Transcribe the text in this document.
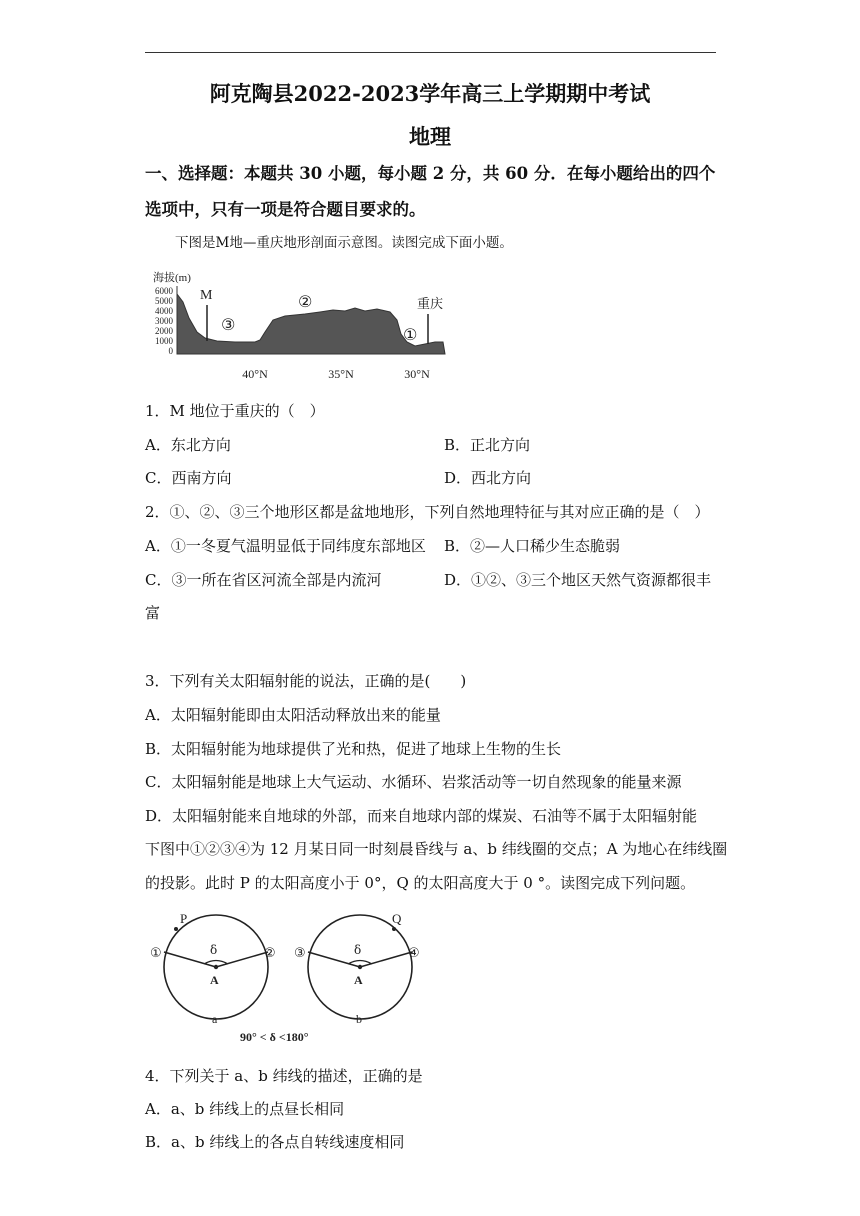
阿克陶县2022-2023学年高三上学期期中考试
地理
一、选择题：本题共 30 小题，每小题 2 分，共 60 分．在每小题给出的四个
选项中，只有一项是符合题目要求的。
下图是M地—重庆地形剖面示意图。读图完成下面小题。
海拔(m)
6000
5000
4000
3000
2000
1000
0
M
重庆
③
②
①
40°N	35°N	30°N
1．M 地位于重庆的（　）
A．东北方向	B．正北方向
C．西南方向	D．西北方向
2．①、②、③三个地形区都是盆地地形，下列自然地理特征与其对应正确的是（　）
A．①一冬夏气温明显低于同纬度东部地区 B．②—人口稀少生态脆弱
C．③一所在省区河流全部是内流河	D．①②、③三个地区天然气资源都很丰
富
3．下列有关太阳辐射能的说法，正确的是(　　)
A．太阳辐射能即由太阳活动释放出来的能量
B．太阳辐射能为地球提供了光和热，促进了地球上生物的生长
C．太阳辐射能是地球上大气运动、水循环、岩浆活动等一切自然现象的能量来源
D．太阳辐射能来自地球的外部，而来自地球内部的煤炭、石油等不属于太阳辐射能
下图中①②③④为 12 月某日同一时刻晨昏线与 a、b 纬线圈的交点；A 为地心在纬线圈
的投影。此时 P 的太阳高度小于 0°，Q 的太阳高度大于 0 °。读图完成下列问题。
P
①	②
δ
A
a
Q
③	④
δ
A
b
90° < δ <180°
4．下列关于 a、b 纬线的描述，正确的是
A．a、b 纬线上的点昼长相同
B．a、b 纬线上的各点自转线速度相同
